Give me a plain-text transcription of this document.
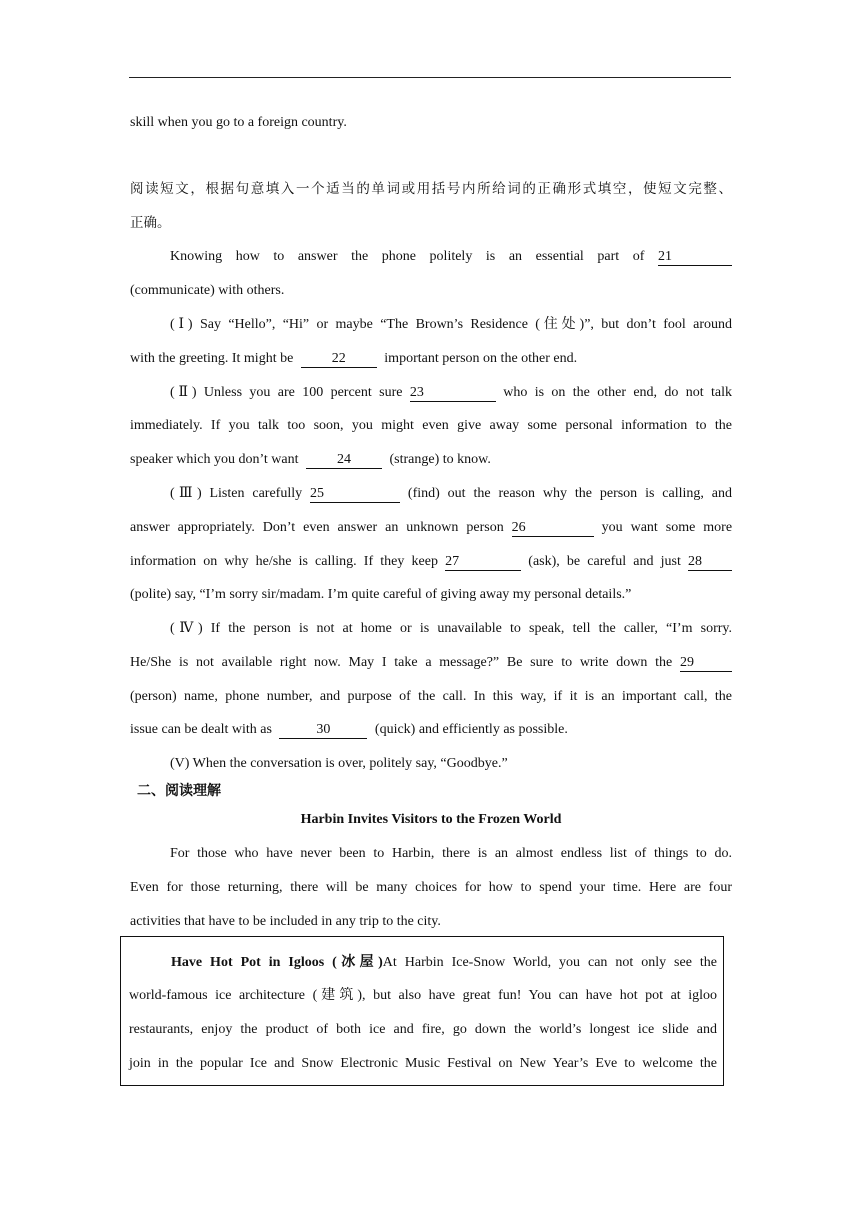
skill when you go to a foreign country.
阅读短文，根据句意填入一个适当的单词或用括号内所给词的正确形式填空，使短文完整、
正确。
Knowing how to answer the phone politely is an essential part of 21
(communicate) with others.
(Ⅰ) Say “Hello”, “Hi” or maybe “The Brown’s Residence (住处)”, but don’t fool around
with the greeting. It might be	22	important person on the other end.
(Ⅱ) Unless you are 100 percent sure 23	who is on the other end, do not talk
immediately. If you talk too soon, you might even give away some personal information to the
speaker which you don’t want	24	(strange) to know.
(Ⅲ) Listen carefully 25	(find) out the reason why the person is calling, and
answer appropriately. Don’t even answer an unknown person 26	you want some more
information on why he/she is calling. If they keep 27	(ask), be careful and just 28
(polite) say, “I’m sorry sir/madam. I’m quite careful of giving away my personal details.”
(Ⅳ) If the person is not at home or is unavailable to speak, tell the caller, “I’m sorry.
He/She is not available right now. May I take a message?” Be sure to write down the 29
(person) name, phone number, and purpose of the call. In this way, if it is an important call, the
issue can be dealt with as	30	(quick) and efficiently as possible.
(V) When the conversation is over, politely say, “Goodbye.”
二、阅读理解
Harbin Invites Visitors to the Frozen World
For those who have never been to Harbin, there is an almost endless list of things to do.
Even for those returning, there will be many choices for how to spend your time. Here are four
activities that have to be included in any trip to the city.
Have Hot Pot in Igloos (冰屋)At Harbin Ice-Snow World, you can not only see the
world-famous ice architecture (建筑), but also have great fun! You can have hot pot at igloo
restaurants, enjoy the product of both ice and fire, go down the world’s longest ice slide and
join in the popular Ice and Snow Electronic Music Festival on New Year’s Eve to welcome the
